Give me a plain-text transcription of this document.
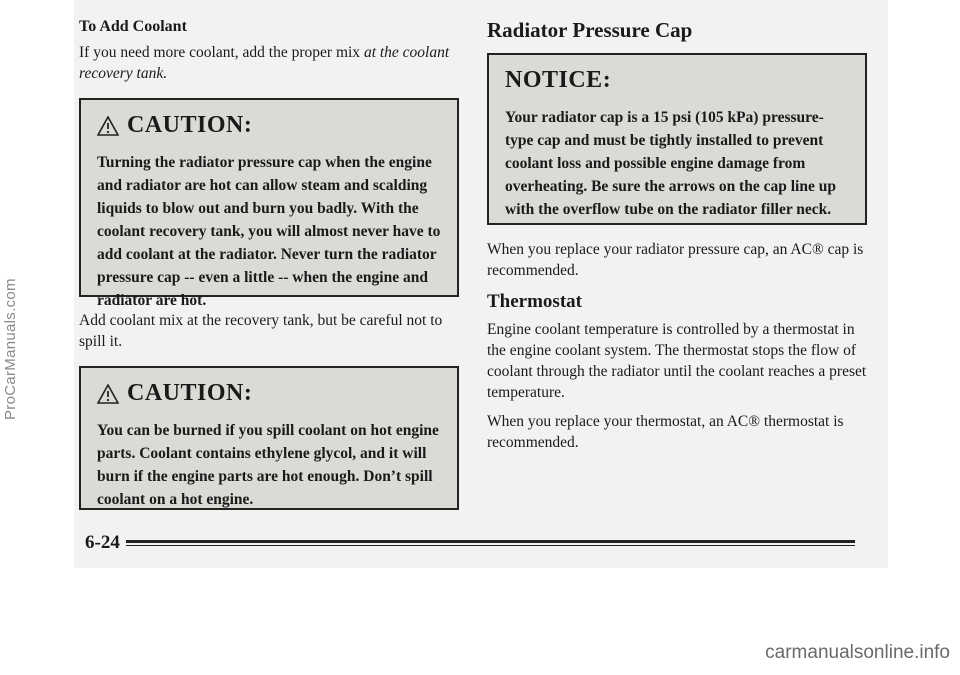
ProCarManuals.com

To Add Coolant

If you need more coolant, add the proper mix at the coolant recovery tank.

CAUTION:

Turning the radiator pressure cap when the engine and radiator are hot can allow steam and scalding liquids to blow out and burn you badly. With the coolant recovery tank, you will almost never have to add coolant at the radiator. Never turn the radiator pressure cap -- even a little -- when the engine and radiator are hot.

Add coolant mix at the recovery tank, but be careful not to spill it.

CAUTION:

You can be burned if you spill coolant on hot engine parts. Coolant contains ethylene glycol, and it will burn if the engine parts are hot enough. Don’t spill coolant on a hot engine.

Radiator Pressure Cap

NOTICE:

Your radiator cap is a 15 psi (105 kPa) pressure-type cap and must be tightly installed to prevent coolant loss and possible engine damage from overheating. Be sure the arrows on the cap line up with the overflow tube on the radiator filler neck.

When you replace your radiator pressure cap, an AC® cap is recommended.

Thermostat

Engine coolant temperature is controlled by a thermostat in the engine coolant system. The thermostat stops the flow of coolant through the radiator until the coolant reaches a preset temperature.

When you replace your thermostat, an AC® thermostat is recommended.

6-24
carmanualsonline.info
